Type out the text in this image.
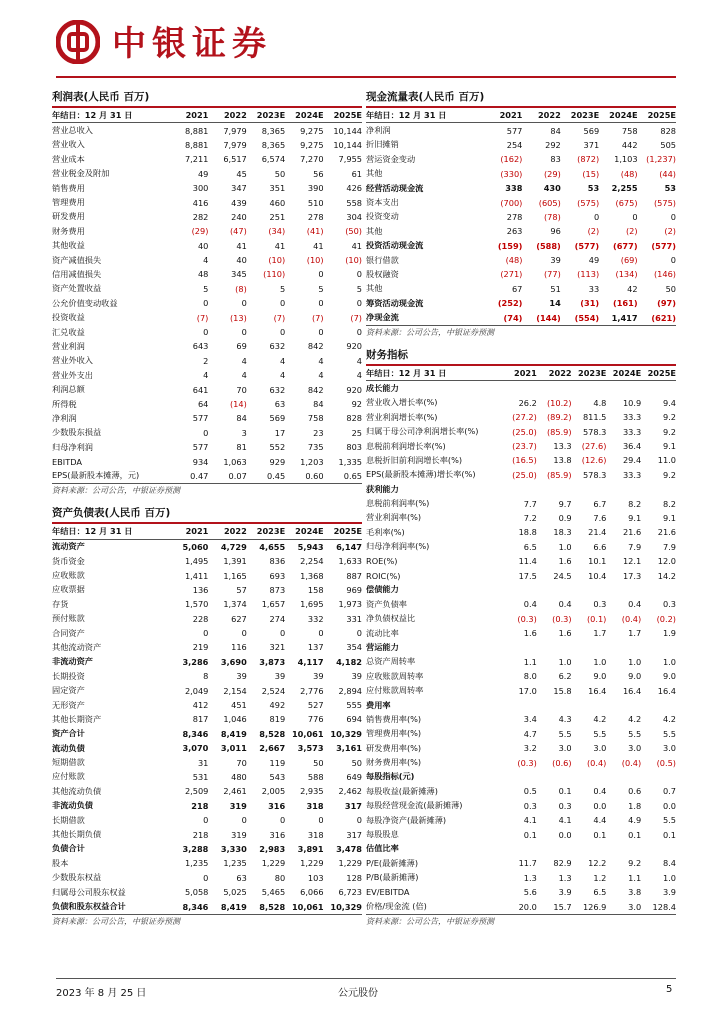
中银证券
利润表(人民币 百万)
年结日：12 月 31 日	2021	2022	2023E	2024E	2025E
营业总收入	8,881	7,979	8,365	9,275	10,144
营业收入	8,881	7,979	8,365	9,275	10,144
营业成本	7,211	6,517	6,574	7,270	7,955
营业税金及附加	49	45	50	56	61
销售费用	300	347	351	390	426
管理费用	416	439	460	510	558
研发费用	282	240	251	278	304
财务费用	(29)	(47)	(34)	(41)	(50)
其他收益	40	41	41	41	41
资产减值损失	4	40	(10)	(10)	(10)
信用减值损失	48	345	(110)	0	0
资产处置收益	5	(8)	5	5	5
公允价值变动收益	0	0	0	0	0
投资收益	(7)	(13)	(7)	(7)	(7)
汇兑收益	0	0	0	0	0
营业利润	643	69	632	842	920
营业外收入	2	4	4	4	4
营业外支出	4	4	4	4	4
利润总额	641	70	632	842	920
所得税	64	(14)	63	84	92
净利润	577	84	569	758	828
少数股东损益	0	3	17	23	25
归母净利润	577	81	552	735	803
EBITDA	934	1,063	929	1,203	1,335
EPS(最新股本摊薄，元)	0.47	0.07	0.45	0.60	0.65
资料来源：公司公告，中银证券预测
资产负债表(人民币 百万)
年结日：12 月 31 日	2021	2022	2023E	2024E	2025E
流动资产	5,060	4,729	4,655	5,943	6,147
货币资金	1,495	1,391	836	2,254	1,633
应收账款	1,411	1,165	693	1,368	887
应收票据	136	57	873	158	969
存货	1,570	1,374	1,657	1,695	1,973
预付账款	228	627	274	332	331
合同资产	0	0	0	0	0
其他流动资产	219	116	321	137	354
非流动资产	3,286	3,690	3,873	4,117	4,182
长期投资	8	39	39	39	39
固定资产	2,049	2,154	2,524	2,776	2,894
无形资产	412	451	492	527	555
其他长期资产	817	1,046	819	776	694
资产合计	8,346	8,419	8,528	10,061	10,329
流动负债	3,070	3,011	2,667	3,573	3,161
短期借款	31	70	119	50	50
应付账款	531	480	543	588	649
其他流动负债	2,509	2,461	2,005	2,935	2,462
非流动负债	218	319	316	318	317
长期借款	0	0	0	0	0
其他长期负债	218	319	316	318	317
负债合计	3,288	3,330	2,983	3,891	3,478
股本	1,235	1,235	1,229	1,229	1,229
少数股东权益	0	63	80	103	128
归属母公司股东权益	5,058	5,025	5,465	6,066	6,723
负债和股东权益合计	8,346	8,419	8,528	10,061	10,329
资料来源：公司公告，中银证券预测
现金流量表(人民币 百万)
年结日：12 月 31 日	2021	2022	2023E	2024E	2025E
净利润	577	84	569	758	828
折旧摊销	254	292	371	442	505
营运资金变动	(162)	83	(872)	1,103	(1,237)
其他	(330)	(29)	(15)	(48)	(44)
经营活动现金流	338	430	53	2,255	53
资本支出	(700)	(605)	(575)	(675)	(575)
投资变动	278	(78)	0	0	0
其他	263	96	(2)	(2)	(2)
投资活动现金流	(159)	(588)	(577)	(677)	(577)
银行借款	(48)	39	49	(69)	0
股权融资	(271)	(77)	(113)	(134)	(146)
其他	67	51	33	42	50
筹资活动现金流	(252)	14	(31)	(161)	(97)
净现金流	(74)	(144)	(554)	1,417	(621)
资料来源：公司公告，中银证券预测
财务指标
年结日：12 月 31 日	2021	2022	2023E	2024E	2025E
成长能力					
营业收入增长率(%)	26.2	(10.2)	4.8	10.9	9.4
营业利润增长率(%)	(27.2)	(89.2)	811.5	33.3	9.2
归属于母公司净利润增长率(%)	(25.0)	(85.9)	578.3	33.3	9.2
息税前利润增长率(%)	(23.7)	13.3	(27.6)	36.4	9.1
息税折旧前利润增长率(%)	(16.5)	13.8	(12.6)	29.4	11.0
EPS(最新股本摊薄)增长率(%)	(25.0)	(85.9)	578.3	33.3	9.2
获利能力					
息税前利润率(%)	7.7	9.7	6.7	8.2	8.2
营业利润率(%)	7.2	0.9	7.6	9.1	9.1
毛利率(%)	18.8	18.3	21.4	21.6	21.6
归母净利润率(%)	6.5	1.0	6.6	7.9	7.9
ROE(%)	11.4	1.6	10.1	12.1	12.0
ROIC(%)	17.5	24.5	10.4	17.3	14.2
偿债能力					
资产负债率	0.4	0.4	0.3	0.4	0.3
净负债权益比	(0.3)	(0.3)	(0.1)	(0.4)	(0.2)
流动比率	1.6	1.6	1.7	1.7	1.9
营运能力					
总资产周转率	1.1	1.0	1.0	1.0	1.0
应收账款周转率	8.0	6.2	9.0	9.0	9.0
应付账款周转率	17.0	15.8	16.4	16.4	16.4
费用率					
销售费用率(%)	3.4	4.3	4.2	4.2	4.2
管理费用率(%)	4.7	5.5	5.5	5.5	5.5
研发费用率(%)	3.2	3.0	3.0	3.0	3.0
财务费用率(%)	(0.3)	(0.6)	(0.4)	(0.4)	(0.5)
每股指标(元)					
每股收益(最新摊薄)	0.5	0.1	0.4	0.6	0.7
每股经营现金流(最新摊薄)	0.3	0.3	0.0	1.8	0.0
每股净资产(最新摊薄)	4.1	4.1	4.4	4.9	5.5
每股股息	0.1	0.0	0.1	0.1	0.1
估值比率					
P/E(最新摊薄)	11.7	82.9	12.2	9.2	8.4
P/B(最新摊薄)	1.3	1.3	1.2	1.1	1.0
EV/EBITDA	5.6	3.9	6.5	3.8	3.9
价格/现金流 (倍)	20.0	15.7	126.9	3.0	128.4
资料来源：公司公告，中银证券预测
2023 年 8 月 25 日	公元股份	5
